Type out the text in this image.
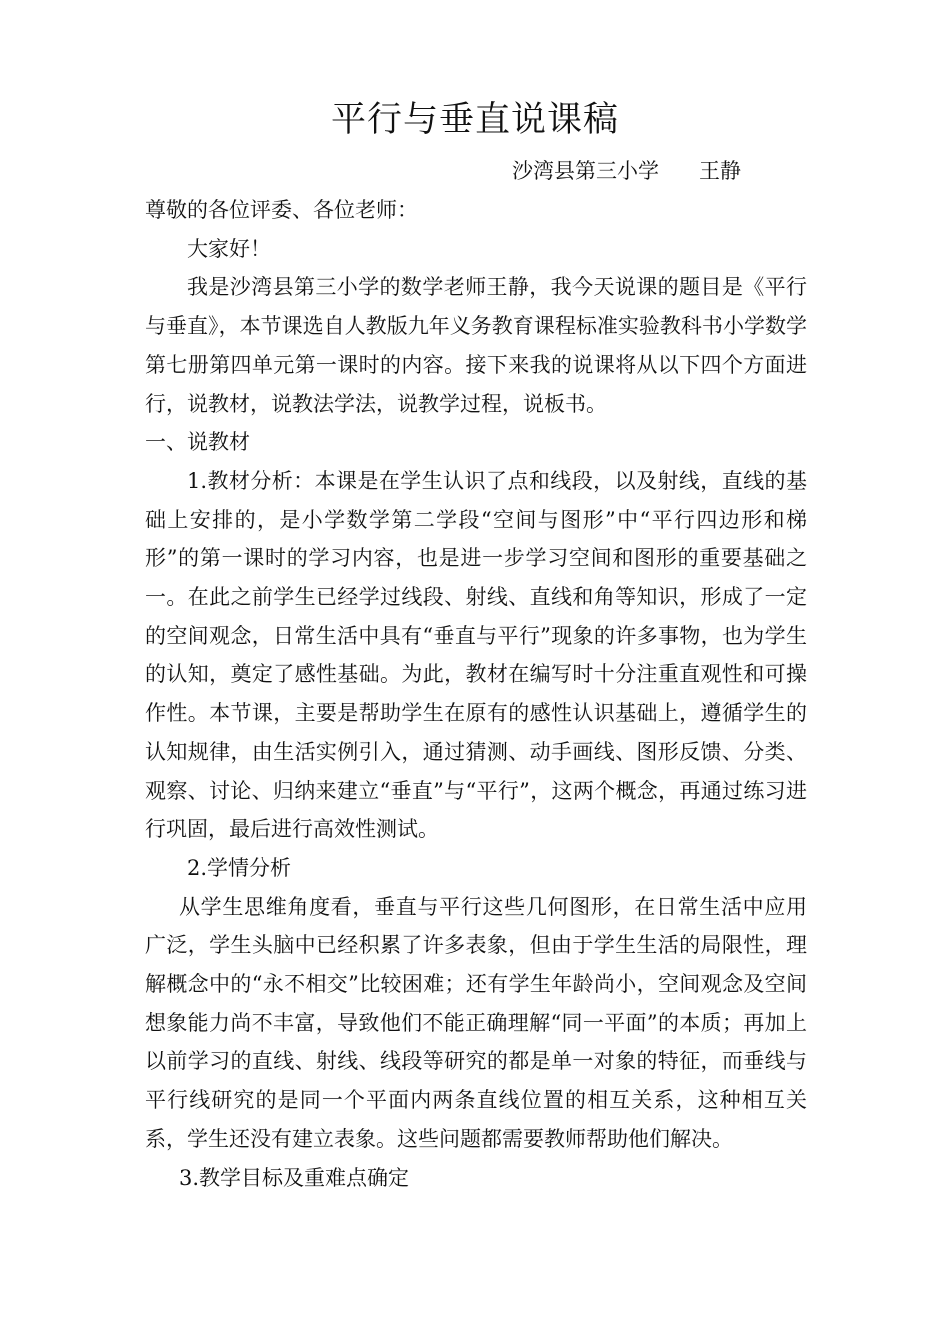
平行与垂直说课稿
沙湾县第三小学      王静

尊敬的各位评委、各位老师：

大家好！

我是沙湾县第三小学的数学老师王静，我今天说课的题目是《平行与垂直》，本节课选自人教版九年义务教育课程标准实验教科书小学数学第七册第四单元第一课时的内容。接下来我的说课将从以下四个方面进行，说教材，说教法学法，说教学过程，说板书。

一、说教材

1.教材分析：本课是在学生认识了点和线段，以及射线，直线的基础上安排的，是小学数学第二学段“空间与图形”中“平行四边形和梯形”的第一课时的学习内容，也是进一步学习空间和图形的重要基础之一。在此之前学生已经学过线段、射线、直线和角等知识，形成了一定的空间观念，日常生活中具有“垂直与平行”现象的许多事物，也为学生的认知，奠定了感性基础。为此，教材在编写时十分注重直观性和可操作性。本节课，主要是帮助学生在原有的感性认识基础上，遵循学生的认知规律，由生活实例引入，通过猜测、动手画线、图形反馈、分类、观察、讨论、归纳来建立“垂直”与“平行”，这两个概念，再通过练习进行巩固，最后进行高效性测试。

2.学情分析

从学生思维角度看，垂直与平行这些几何图形，在日常生活中应用广泛，学生头脑中已经积累了许多表象，但由于学生生活的局限性，理解概念中的“永不相交”比较困难；还有学生年龄尚小，空间观念及空间想象能力尚不丰富，导致他们不能正确理解“同一平面”的本质；再加上以前学习的直线、射线、线段等研究的都是单一对象的特征，而垂线与平行线研究的是同一个平面内两条直线位置的相互关系，这种相互关系，学生还没有建立表象。这些问题都需要教师帮助他们解决。

3.教学目标及重难点确定
